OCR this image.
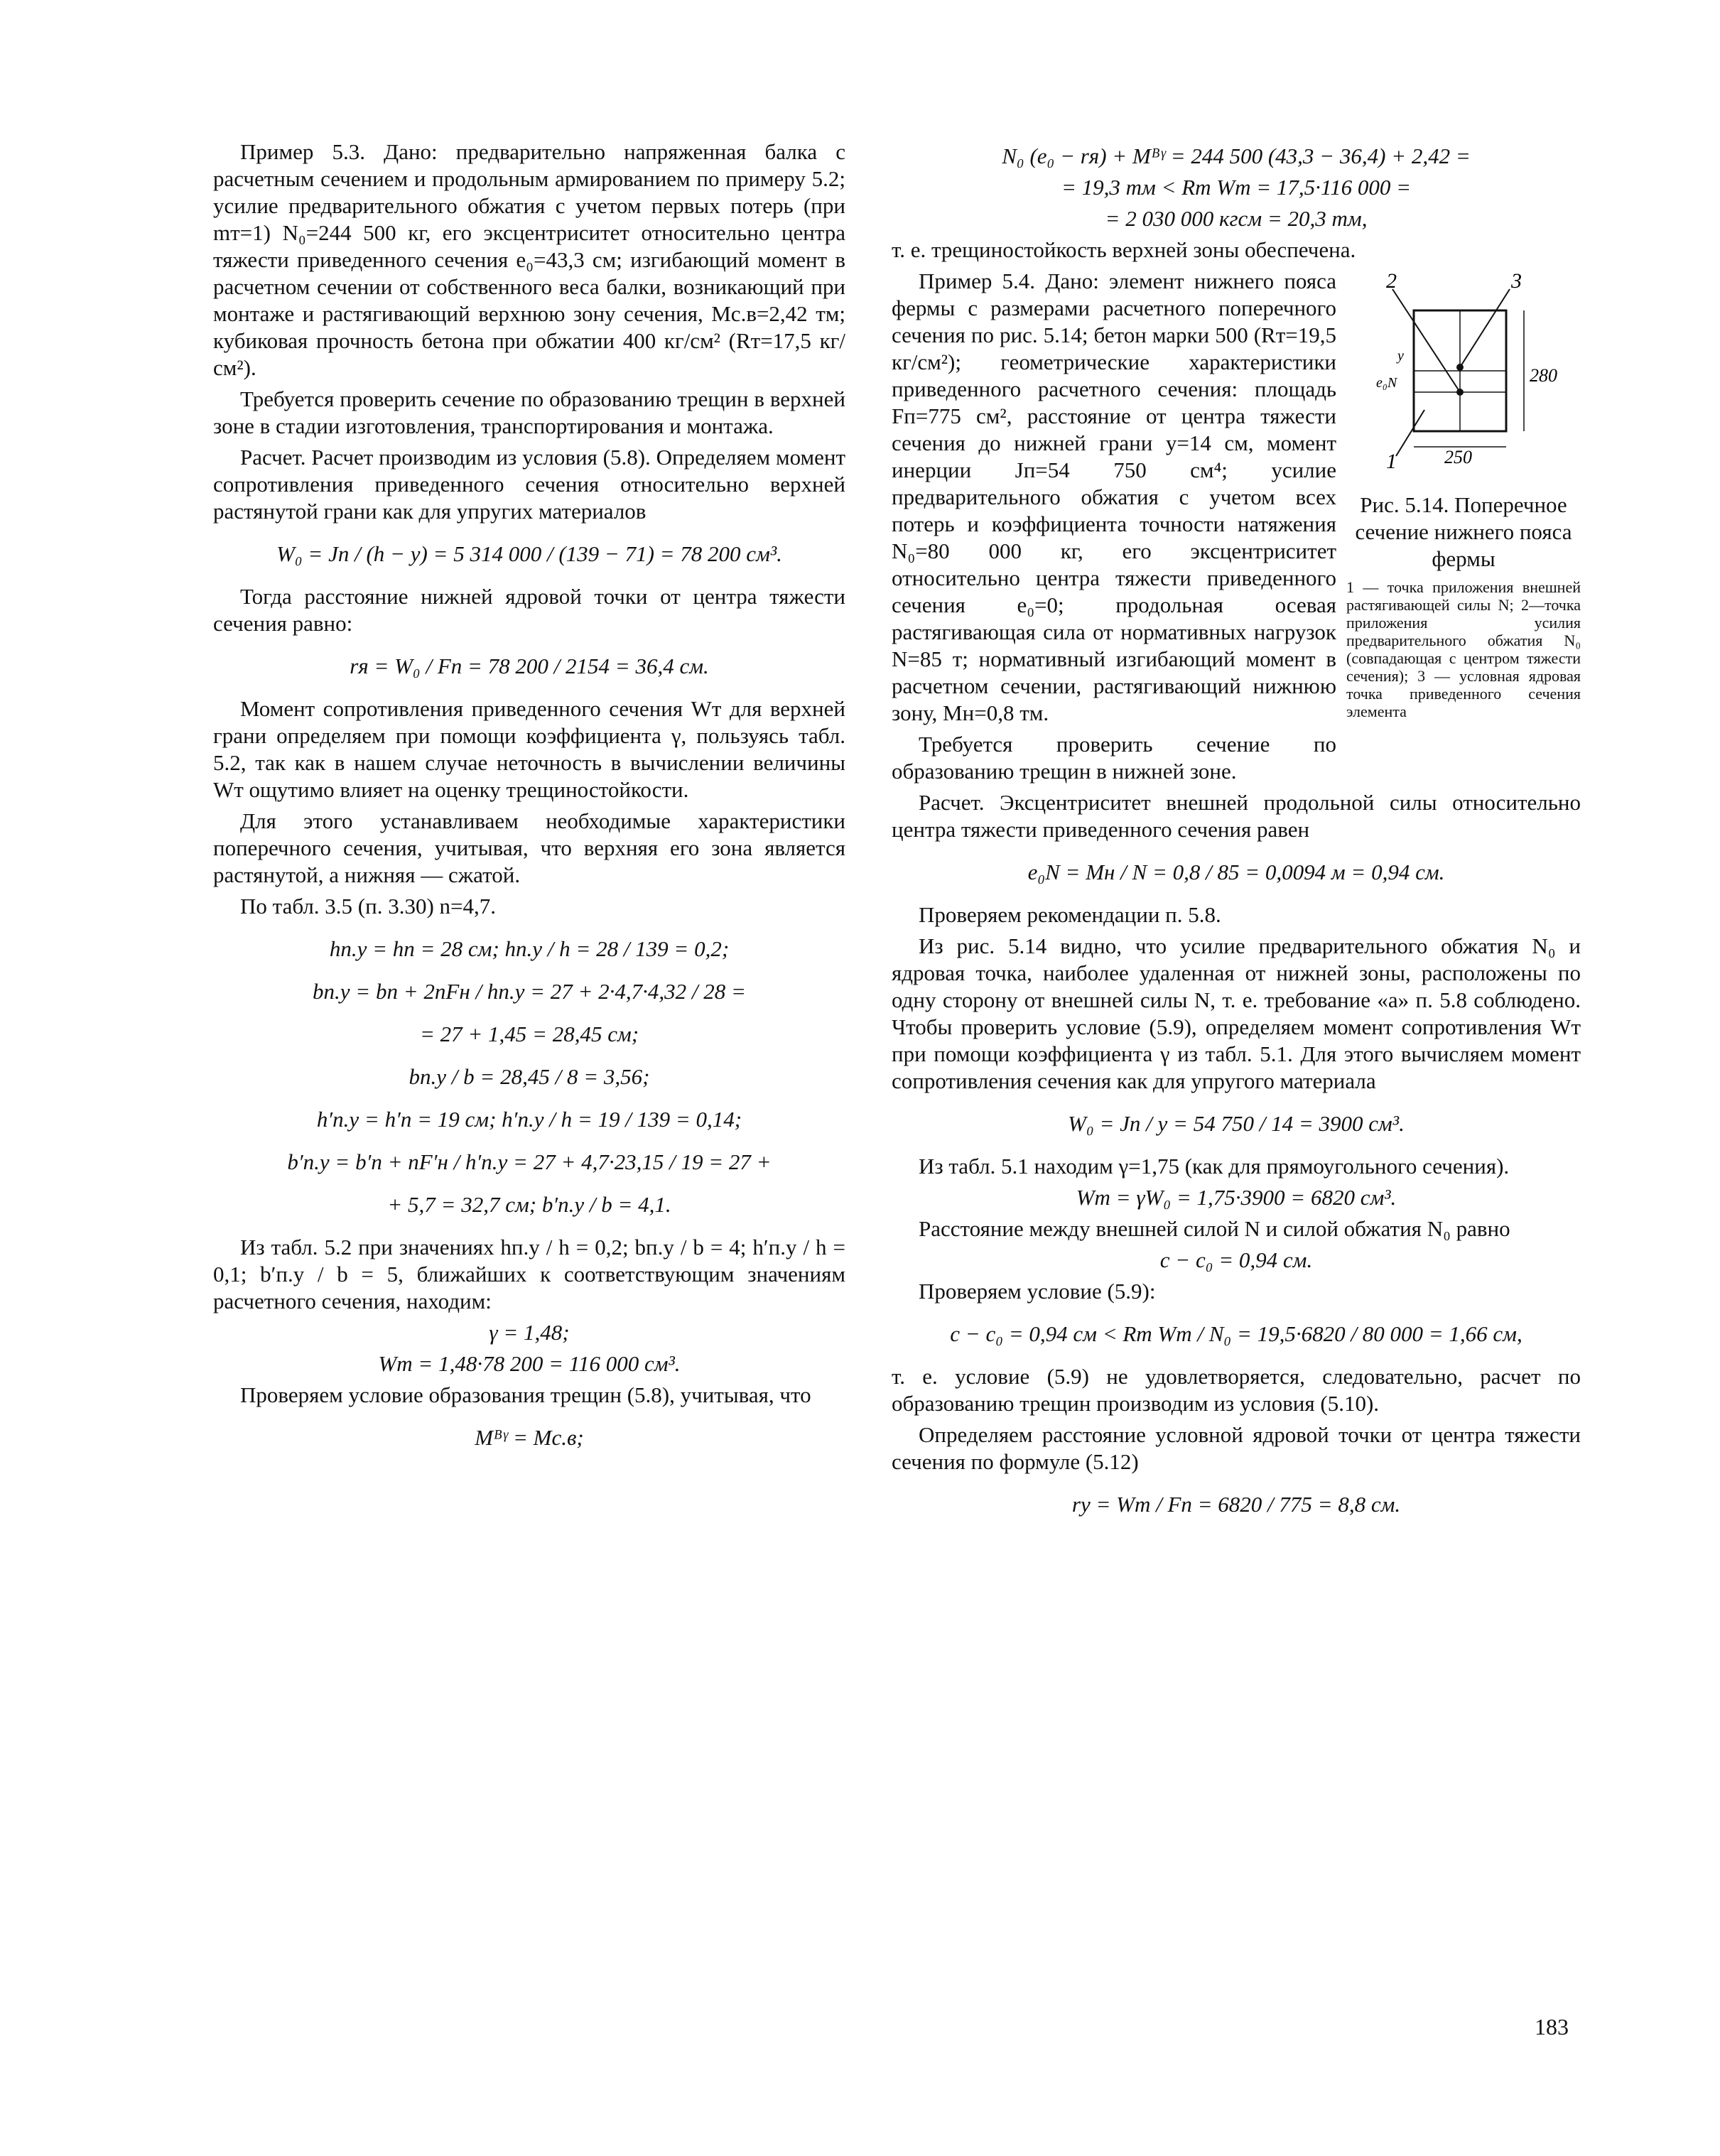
Пример 5.3. Дано: предварительно напряженная балка с расчетным сечением и продольным армированием по примеру 5.2; усилие предварительного обжатия с учетом первых потерь (при mт=1) N₀=244 500 кг, его эксцентриситет относительно центра тяжести приведенного сечения e₀=43,3 см; изгибающий момент в расчетном сечении от собственного веса балки, возникающий при монтаже и растягивающий верхнюю зону сечения, Mс.в=2,42 тм; кубиковая прочность бетона при обжатии 400 кг/см² (Rт=17,5 кг/см²).

Требуется проверить сечение по образованию трещин в верхней зоне в стадии изготовления, транспортирования и монтажа.

Расчет. Расчет производим из условия (5.8). Определяем момент сопротивления приведенного сечения относительно верхней растянутой грани как для упругих материалов

W₀ = Jп / (h − y) = 5 314 000 / (139 − 71) = 78 200 см³.

Тогда расстояние нижней ядровой точки от центра тяжести сечения равно:

rя = W₀ / Fп = 78 200 / 2154 = 36,4 см.

Момент сопротивления приведенного сечения Wт для верхней грани определяем при помощи коэффициента γ, пользуясь табл. 5.2, так как в нашем случае неточность в вычислении величины Wт ощутимо влияет на оценку трещиностойкости.

Для этого устанавливаем необходимые характеристики поперечного сечения, учитывая, что верхняя его зона является растянутой, а нижняя — сжатой.

По табл. 3.5 (п. 3.30) n=4,7.

hп.у = hп = 28 см; hп.у / h = 28 / 139 = 0,2;
bп.у = bп + 2nFн / hп.у = 27 + 2·4,7·4,32 / 28 =
= 27 + 1,45 = 28,45 см;
bп.у / b = 28,45 / 8 = 3,56;
h′п.у = h′п = 19 см; h′п.у / h = 19 / 139 = 0,14;
b′п.у = b′п + nF′н / h′п.у = 27 + 4,7·23,15 / 19 = 27 +
+ 5,7 = 32,7 см; b′п.у / b = 4,1.

Из табл. 5.2 при значениях hп.у / h = 0,2; bп.у / b = 4; h′п.у / h = 0,1; b′п.у / b = 5, ближайших к соответствующим значениям расчетного сечения, находим:

γ = 1,48;
Wт = 1,48·78 200 = 116 000 см³.

Проверяем условие образования трещин (5.8), учитывая, что

Mᴮᵞ = Mс.в;
N₀ (e₀ − rя) + Mᴮᵞ = 244 500 (43,3 − 36,4) + 2,42 =
= 19,3 тм < Rт Wт = 17,5·116 000 =
= 2 030 000 кгсм = 20,3 тм,

т. е. трещиностойкость верхней зоны обеспечена.

Пример 5.4. Дано: элемент нижнего пояса фермы с размерами расчетного поперечного сечения по рис. 5.14; бетон марки 500 (Rт=19,5 кг/см²); геометрические характеристики приведенного расчетного сечения: площадь Fп=775 см², расстояние от центра тяжести сечения до нижней грани y=14 см, момент инерции Jп=54 750 см⁴; усилие предварительного обжатия с учетом всех потерь и коэффициента точности натяжения N₀=80 000 кг, его эксцентриситет относительно центра тяжести приведенного сечения e₀=0; продольная осевая растягивающая сила от нормативных нагрузок N=85 т; нормативный изгибающий момент в расчетном сечении, растягивающий нижнюю зону, Mн=0,8 тм.

Требуется проверить сечение по образованию трещин в нижней зоне.

2	3
1
280
250
y
e₀N
Рис. 5.14. Поперечное сечение нижнего пояса фермы
1 — точка приложения внешней растягивающей силы N; 2—точка приложения усилия предварительного обжатия N₀ (совпадающая с центром тяжести сечения); 3 — условная ядровая точка приведенного сечения элемента

Расчет. Эксцентриситет внешней продольной силы относительно центра тяжести приведенного сечения равен

e₀N = Mн / N = 0,8 / 85 = 0,0094 м = 0,94 см.

Проверяем рекомендации п. 5.8.

Из рис. 5.14 видно, что усилие предварительного обжатия N₀ и ядровая точка, наиболее удаленная от нижней зоны, расположены по одну сторону от внешней силы N, т. е. требование «а» п. 5.8 соблюдено. Чтобы проверить условие (5.9), определяем момент сопротивления Wт при помощи коэффициента γ из табл. 5.1. Для этого вычисляем момент сопротивления сечения как для упругого материала

W₀ = Jп / y = 54 750 / 14 = 3900 см³.

Из табл. 5.1 находим γ=1,75 (как для прямоугольного сечения).

Wт = γW₀ = 1,75·3900 = 6820 см³.

Расстояние между внешней силой N и силой обжатия N₀ равно

c − c₀ = 0,94 см.

Проверяем условие (5.9):

c − c₀ = 0,94 см < Rт Wт / N₀ = 19,5·6820 / 80 000 = 1,66 см,

т. е. условие (5.9) не удовлетворяется, следовательно, расчет по образованию трещин производим из условия (5.10).

Определяем расстояние условной ядровой точки от центра тяжести сечения по формуле (5.12)

rу = Wт / Fп = 6820 / 775 = 8,8 см.
183
